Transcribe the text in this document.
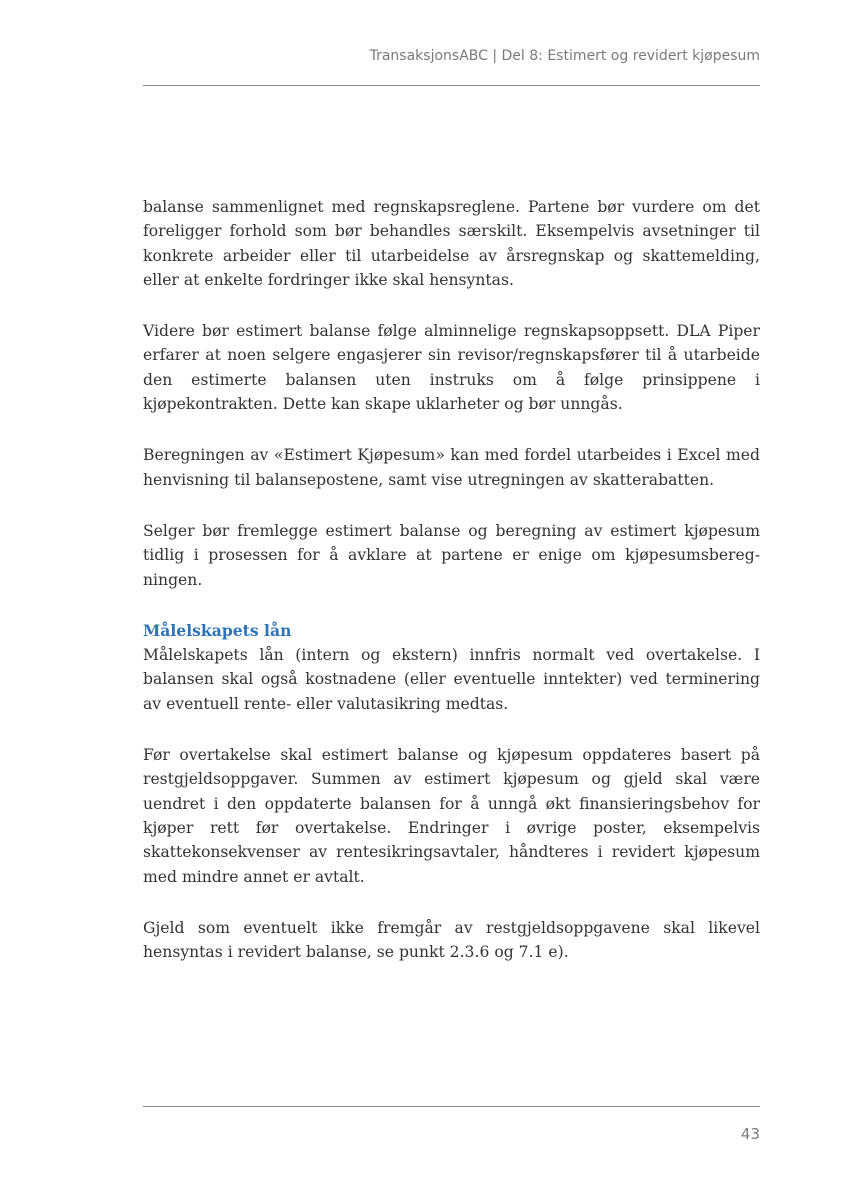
TransaksjonsABC | Del 8: Estimert og revidert kjøpesum

balanse sammenlignet med regnskapsreglene. Partene bør vurdere om det foreligger forhold som bør behandles særskilt. Eksempelvis avsetninger til konkrete arbeider eller til utarbeidelse av årsregnskap og skattemelding, eller at enkelte fordringer ikke skal hensyntas.

Videre bør estimert balanse følge alminnelige regnskapsoppsett. DLA Piper erfarer at noen selgere engasjerer sin revisor/regnskapsfører til å utarbeide den estimerte balansen uten instruks om å følge prinsippene i kjøpekontrakten. Dette kan skape uklarheter og bør unngås.

Beregningen av «Estimert Kjøpesum» kan med fordel utarbeides i Excel med henvisning til balansepostene, samt vise utregningen av skatterabatten.

Selger bør fremlegge estimert balanse og beregning av estimert kjøpesum tidlig i prosessen for å avklare at partene er enige om kjøpesumsberegningen.

Målelskapets lån

Målelskapets lån (intern og ekstern) innfris normalt ved overtakelse. I balansen skal også kostnadene (eller eventuelle inntekter) ved terminering av eventuell rente- eller valutasikring medtas.

Før overtakelse skal estimert balanse og kjøpesum oppdateres basert på restgjeldsoppgaver. Summen av estimert kjøpesum og gjeld skal være uendret i den oppdaterte balansen for å unngå økt finansieringsbehov for kjøper rett før overtakelse. Endringer i øvrige poster, eksempelvis skattekonsekvenser av rentesikringsavtaler, håndteres i revidert kjøpesum med mindre annet er avtalt.

Gjeld som eventuelt ikke fremgår av restgjeldsoppgavene skal likevel hensyntas i revidert balanse, se punkt 2.3.6 og 7.1 e).

43
